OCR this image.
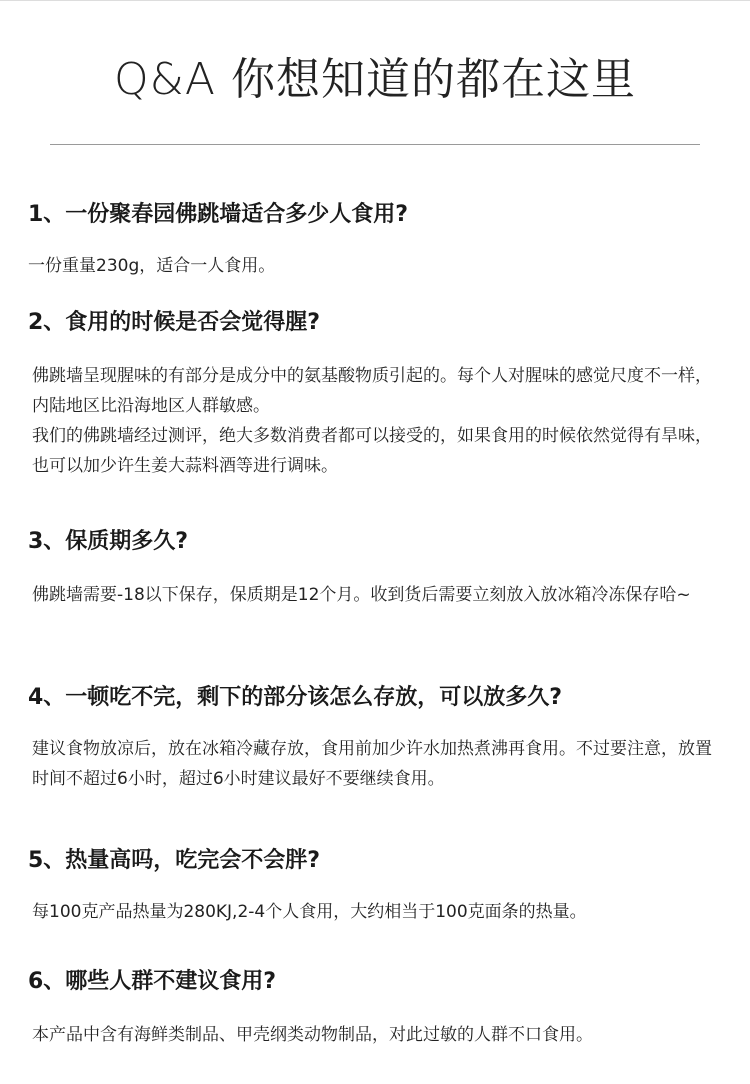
Q&A 你想知道的都在这里
1、一份聚春园佛跳墙适合多少人食用?

一份重量230g，适合一人食用。

2、食用的时候是否会觉得腥?

佛跳墙呈现腥味的有部分是成分中的氨基酸物质引起的。每个人对腥味的感觉尺度不一样，内陆地区比沿海地区人群敏感。

我们的佛跳墙经过测评，绝大多数消费者都可以接受的，如果食用的时候依然觉得有旱味，也可以加少许生姜大蒜料酒等进行调味。

3、保质期多久?

佛跳墙需要-18以下保存，保质期是12个月。收到货后需要立刻放入放冰箱冷冻保存哈~

4、一顿吃不完，剩下的部分该怎么存放，可以放多久?

建议食物放凉后，放在冰箱冷藏存放，食用前加少许水加热煮沸再食用。不过要注意，放置时间不超过6小时，超过6小时建议最好不要继续食用。

5、热量高吗，吃完会不会胖?

每100克产品热量为280KJ,2-4个人食用，大约相当于100克面条的热量。

6、哪些人群不建议食用?

本产品中含有海鲜类制品、甲壳纲类动物制品，对此过敏的人群不口食用。
